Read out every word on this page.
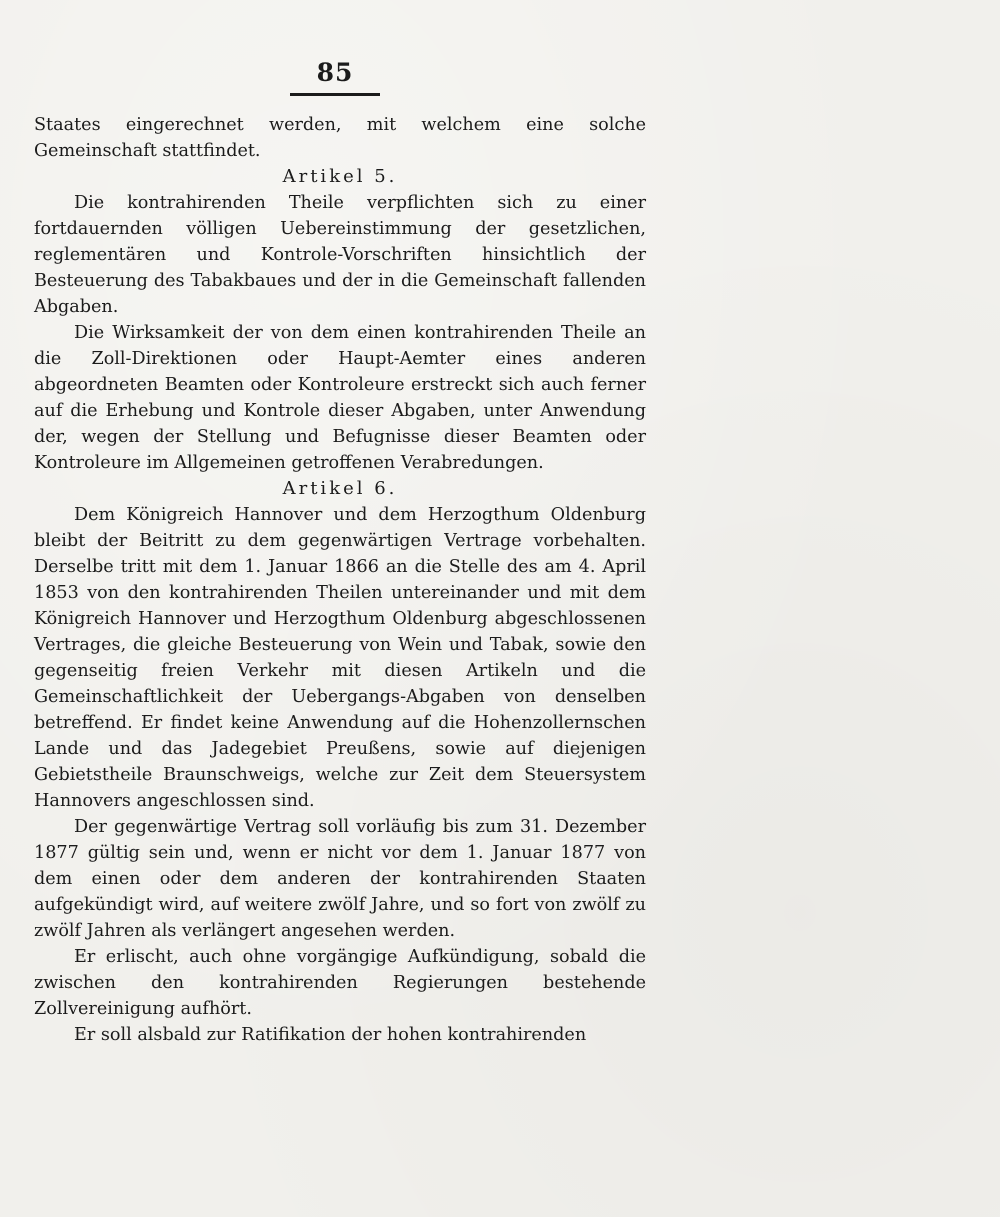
85

Staates eingerechnet werden, mit welchem eine solche Gemeinschaft stattfindet.

Artikel 5.

Die kontrahirenden Theile verpflichten sich zu einer fortdauernden völligen Uebereinstimmung der gesetzlichen, reglementären und Kontrole-Vorschriften hinsichtlich der Besteuerung des Tabakbaues und der in die Gemeinschaft fallenden Abgaben.

Die Wirksamkeit der von dem einen kontrahirenden Theile an die Zoll-Direktionen oder Haupt-Aemter eines anderen abgeordneten Beamten oder Kontroleure erstreckt sich auch ferner auf die Erhebung und Kontrole dieser Abgaben, unter Anwendung der, wegen der Stellung und Befugnisse dieser Beamten oder Kontroleure im Allgemeinen getroffenen Verabredungen.

Artikel 6.

Dem Königreich Hannover und dem Herzogthum Oldenburg bleibt der Beitritt zu dem gegenwärtigen Vertrage vorbehalten. Derselbe tritt mit dem 1. Januar 1866 an die Stelle des am 4. April 1853 von den kontrahirenden Theilen untereinander und mit dem Königreich Hannover und Herzogthum Oldenburg abgeschlossenen Vertrages, die gleiche Besteuerung von Wein und Tabak, sowie den gegenseitig freien Verkehr mit diesen Artikeln und die Gemeinschaftlichkeit der Uebergangs-Abgaben von denselben betreffend. Er findet keine Anwendung auf die Hohenzollernschen Lande und das Jadegebiet Preußens, sowie auf diejenigen Gebietstheile Braunschweigs, welche zur Zeit dem Steuersystem Hannovers angeschlossen sind.

Der gegenwärtige Vertrag soll vorläufig bis zum 31. Dezember 1877 gültig sein und, wenn er nicht vor dem 1. Januar 1877 von dem einen oder dem anderen der kontrahirenden Staaten aufgekündigt wird, auf weitere zwölf Jahre, und so fort von zwölf zu zwölf Jahren als verlängert angesehen werden.

Er erlischt, auch ohne vorgängige Aufkündigung, sobald die zwischen den kontrahirenden Regierungen bestehende Zollvereinigung aufhört.

Er soll alsbald zur Ratifikation der hohen kontrahirenden
